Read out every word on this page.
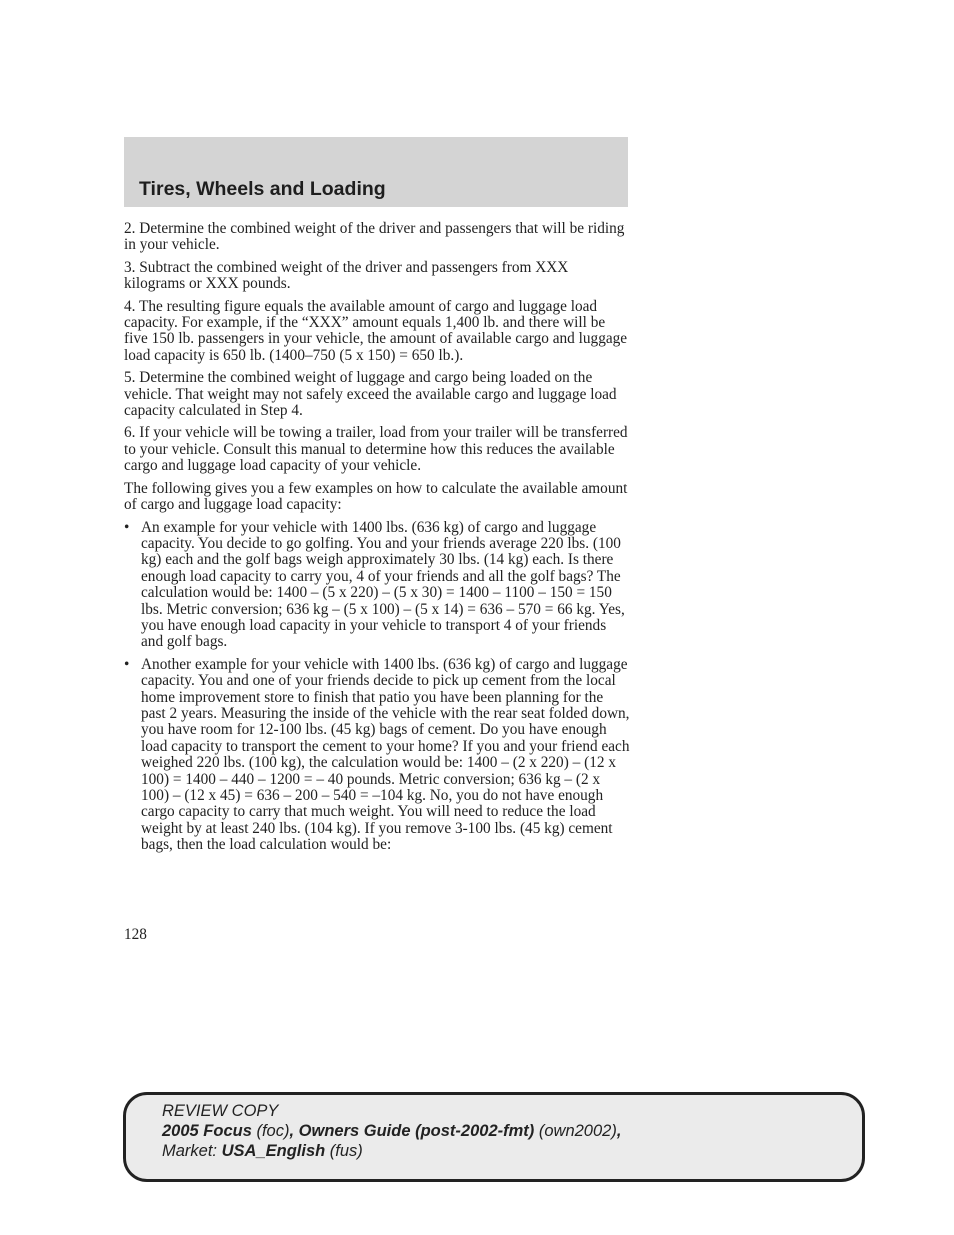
Tires, Wheels and Loading

2. Determine the combined weight of the driver and passengers that will be riding in your vehicle.

3. Subtract the combined weight of the driver and passengers from XXX kilograms or XXX pounds.

4. The resulting figure equals the available amount of cargo and luggage load capacity. For example, if the “XXX” amount equals 1,400 lb. and there will be five 150 lb. passengers in your vehicle, the amount of available cargo and luggage load capacity is 650 lb. (1400–750 (5 x 150) = 650 lb.).

5. Determine the combined weight of luggage and cargo being loaded on the vehicle. That weight may not safely exceed the available cargo and luggage load capacity calculated in Step 4.

6. If your vehicle will be towing a trailer, load from your trailer will be transferred to your vehicle. Consult this manual to determine how this reduces the available cargo and luggage load capacity of your vehicle.

The following gives you a few examples on how to calculate the available amount of cargo and luggage load capacity:

• An example for your vehicle with 1400 lbs. (636 kg) of cargo and luggage capacity. You decide to go golfing. You and your friends average 220 lbs. (100 kg) each and the golf bags weigh approximately 30 lbs. (14 kg) each. Is there enough load capacity to carry you, 4 of your friends and all the golf bags? The calculation would be: 1400 – (5 x 220) – (5 x 30) = 1400 – 1100 – 150 = 150 lbs. Metric conversion; 636 kg – (5 x 100) – (5 x 14) = 636 – 570 = 66 kg. Yes, you have enough load capacity in your vehicle to transport 4 of your friends and golf bags.
• Another example for your vehicle with 1400 lbs. (636 kg) of cargo and luggage capacity. You and one of your friends decide to pick up cement from the local home improvement store to finish that patio you have been planning for the past 2 years. Measuring the inside of the vehicle with the rear seat folded down, you have room for 12-100 lbs. (45 kg) bags of cement. Do you have enough load capacity to transport the cement to your home? If you and your friend each weighed 220 lbs. (100 kg), the calculation would be: 1400 – (2 x 220) – (12 x 100) = 1400 – 440 – 1200 = – 40 pounds. Metric conversion; 636 kg – (2 x 100) – (12 x 45) = 636 – 200 – 540 = –104 kg. No, you do not have enough cargo capacity to carry that much weight. You will need to reduce the load weight by at least 240 lbs. (104 kg). If you remove 3-100 lbs. (45 kg) cement bags, then the load calculation would be:
128
REVIEW COPY
2005 Focus (foc), Owners Guide (post-2002-fmt) (own2002),
Market: USA_English (fus)
